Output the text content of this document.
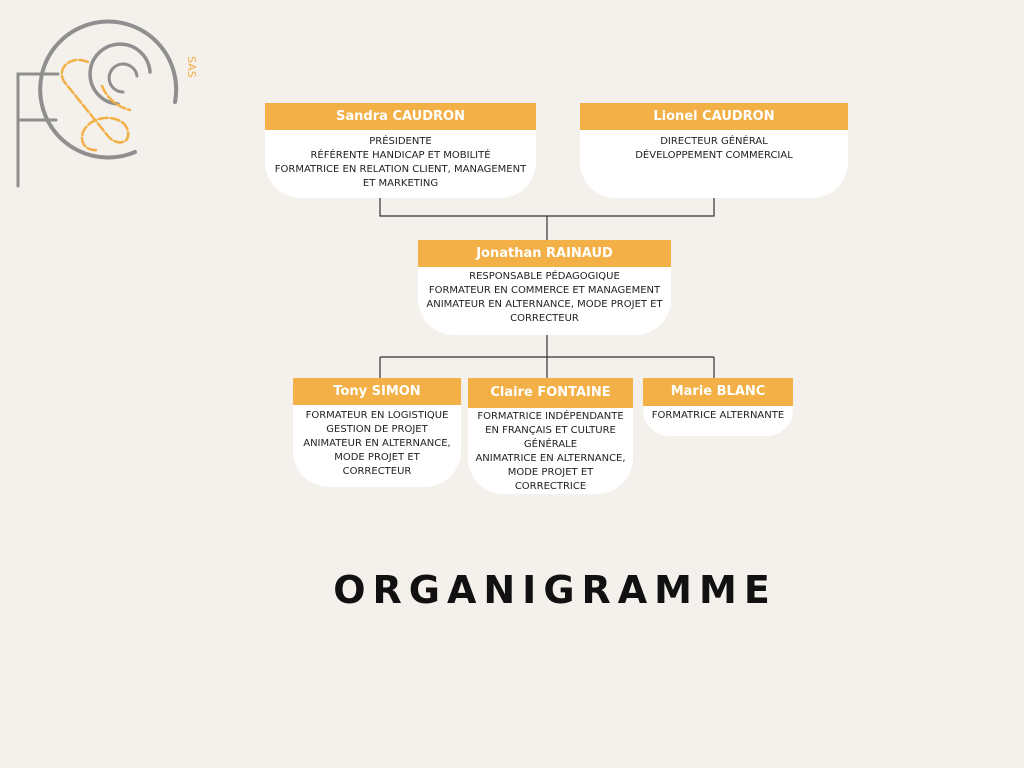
SAS
Sandra CAUDRON
PRÉSIDENTE
RÉFÉRENTE HANDICAP ET MOBILITÉ
FORMATRICE EN RELATION CLIENT, MANAGEMENT ET MARKETING
Lionel CAUDRON
DIRECTEUR GÉNÉRAL
DÉVELOPPEMENT COMMERCIAL
Jonathan RAINAUD
RESPONSABLE PÉDAGOGIQUE
FORMATEUR EN COMMERCE ET MANAGEMENT
ANIMATEUR EN ALTERNANCE, MODE PROJET ET CORRECTEUR
Tony SIMON
FORMATEUR EN LOGISTIQUE
GESTION DE PROJET
ANIMATEUR EN ALTERNANCE, MODE PROJET ET CORRECTEUR
Claire FONTAINE
FORMATRICE INDÉPENDANTE EN FRANÇAIS ET CULTURE GÉNÉRALE
ANIMATRICE EN ALTERNANCE, MODE PROJET ET CORRECTRICE
Marie BLANC
FORMATRICE ALTERNANTE
ORGANIGRAMME
